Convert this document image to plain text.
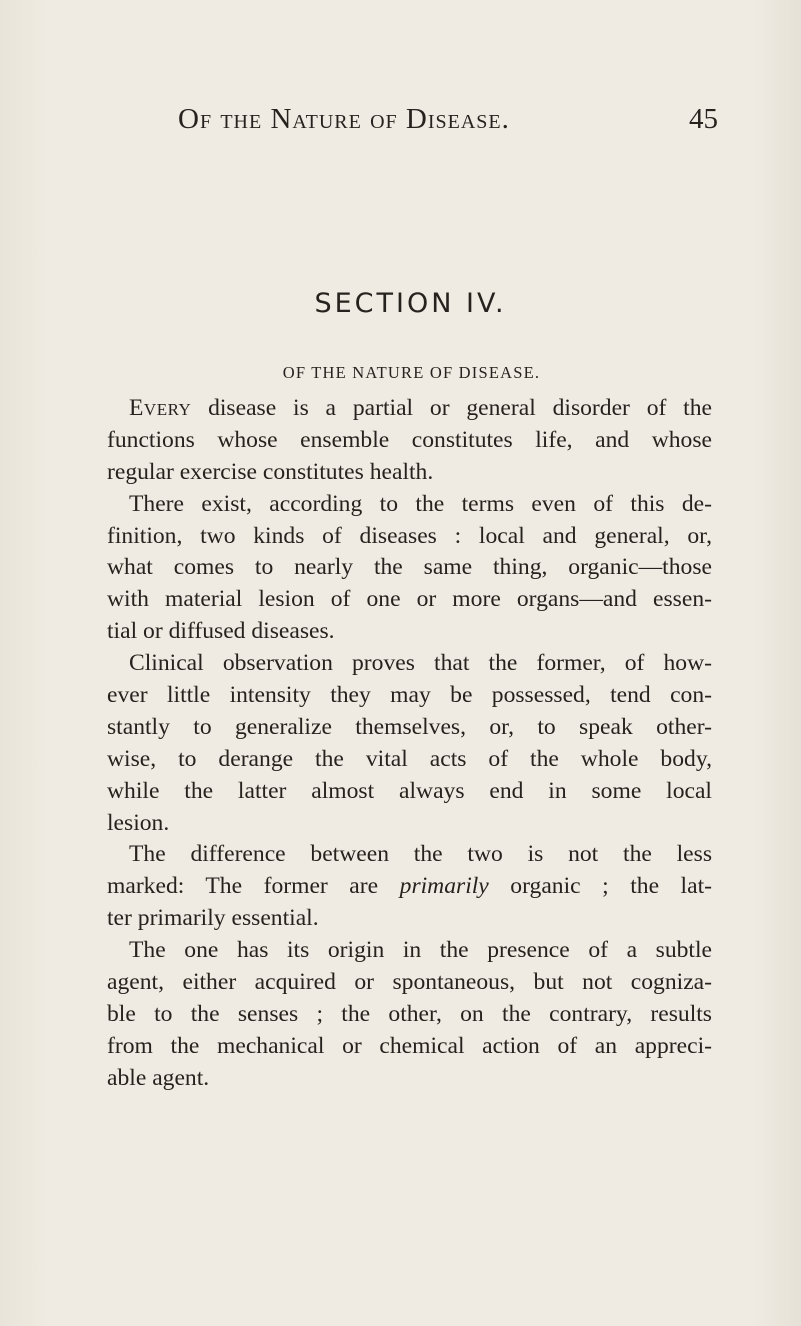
Of the Nature of Disease.	45
SECTION IV.
OF THE NATURE OF DISEASE.
Every disease is a partial or general disorder of the
functions whose ensemble constitutes life, and whose
regular exercise constitutes health.
There exist, according to the terms even of this de-
finition, two kinds of diseases : local and general, or,
what comes to nearly the same thing, organic—those
with material lesion of one or more organs—and essen-
tial or diffused diseases.
Clinical observation proves that the former, of how-
ever little intensity they may be possessed, tend con-
stantly to generalize themselves, or, to speak other-
wise, to derange the vital acts of the whole body,
while the latter almost always end in some local
lesion.
The difference between the two is not the less
marked: The former are primarily organic ; the lat-
ter primarily essential.
The one has its origin in the presence of a subtle
agent, either acquired or spontaneous, but not cogniza-
ble to the senses ; the other, on the contrary, results
from the mechanical or chemical action of an appreci-
able agent.
